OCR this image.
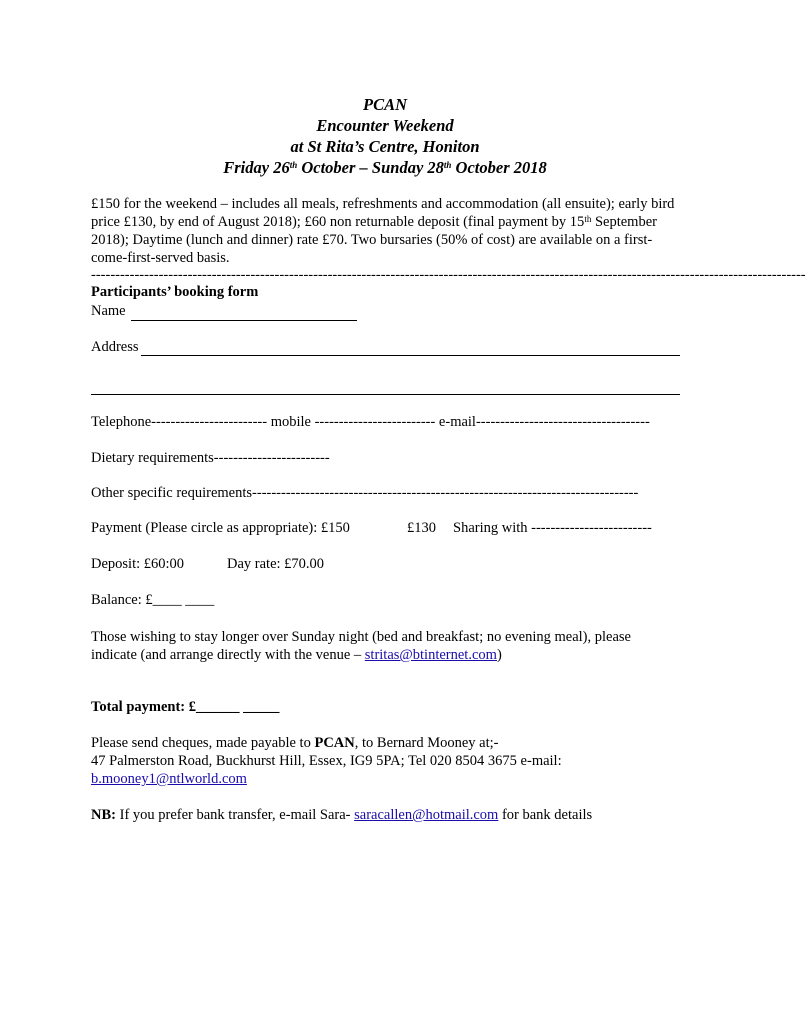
PCAN
Encounter Weekend
at St Rita’s Centre, Honiton
Friday 26th October – Sunday 28th October 2018
£150 for the weekend – includes all meals, refreshments and accommodation (all ensuite); early bird price £130, by end of August 2018); £60 non returnable deposit (final payment by 15th September 2018); Daytime (lunch and dinner) rate £70. Two bursaries (50% of cost) are available on a first-come-first-served basis.
----------------------------------------------------------------------------------------------------------------------------------------------------
Participants’ booking form
Name
Address
Telephone------------------------ mobile ------------------------- e-mail------------------------------------
Dietary requirements------------------------
Other specific requirements--------------------------------------------------------------------------------
Payment (Please circle as appropriate): £150	£130 Sharing with -------------------------
Deposit: £60:00	Day rate: £70.00
Balance: £____ ____
Those wishing to stay longer over Sunday night (bed and breakfast; no evening meal), please indicate (and arrange directly with the venue – stritas@btinternet.com)
Total payment: £______ _____
Please send cheques, made payable to PCAN, to Bernard Mooney at;-
47 Palmerston Road, Buckhurst Hill, Essex, IG9 5PA; Tel 020 8504 3675 e-mail:
b.mooney1@ntlworld.com
NB: If you prefer bank transfer, e-mail Sara- saracallen@hotmail.com for bank details
